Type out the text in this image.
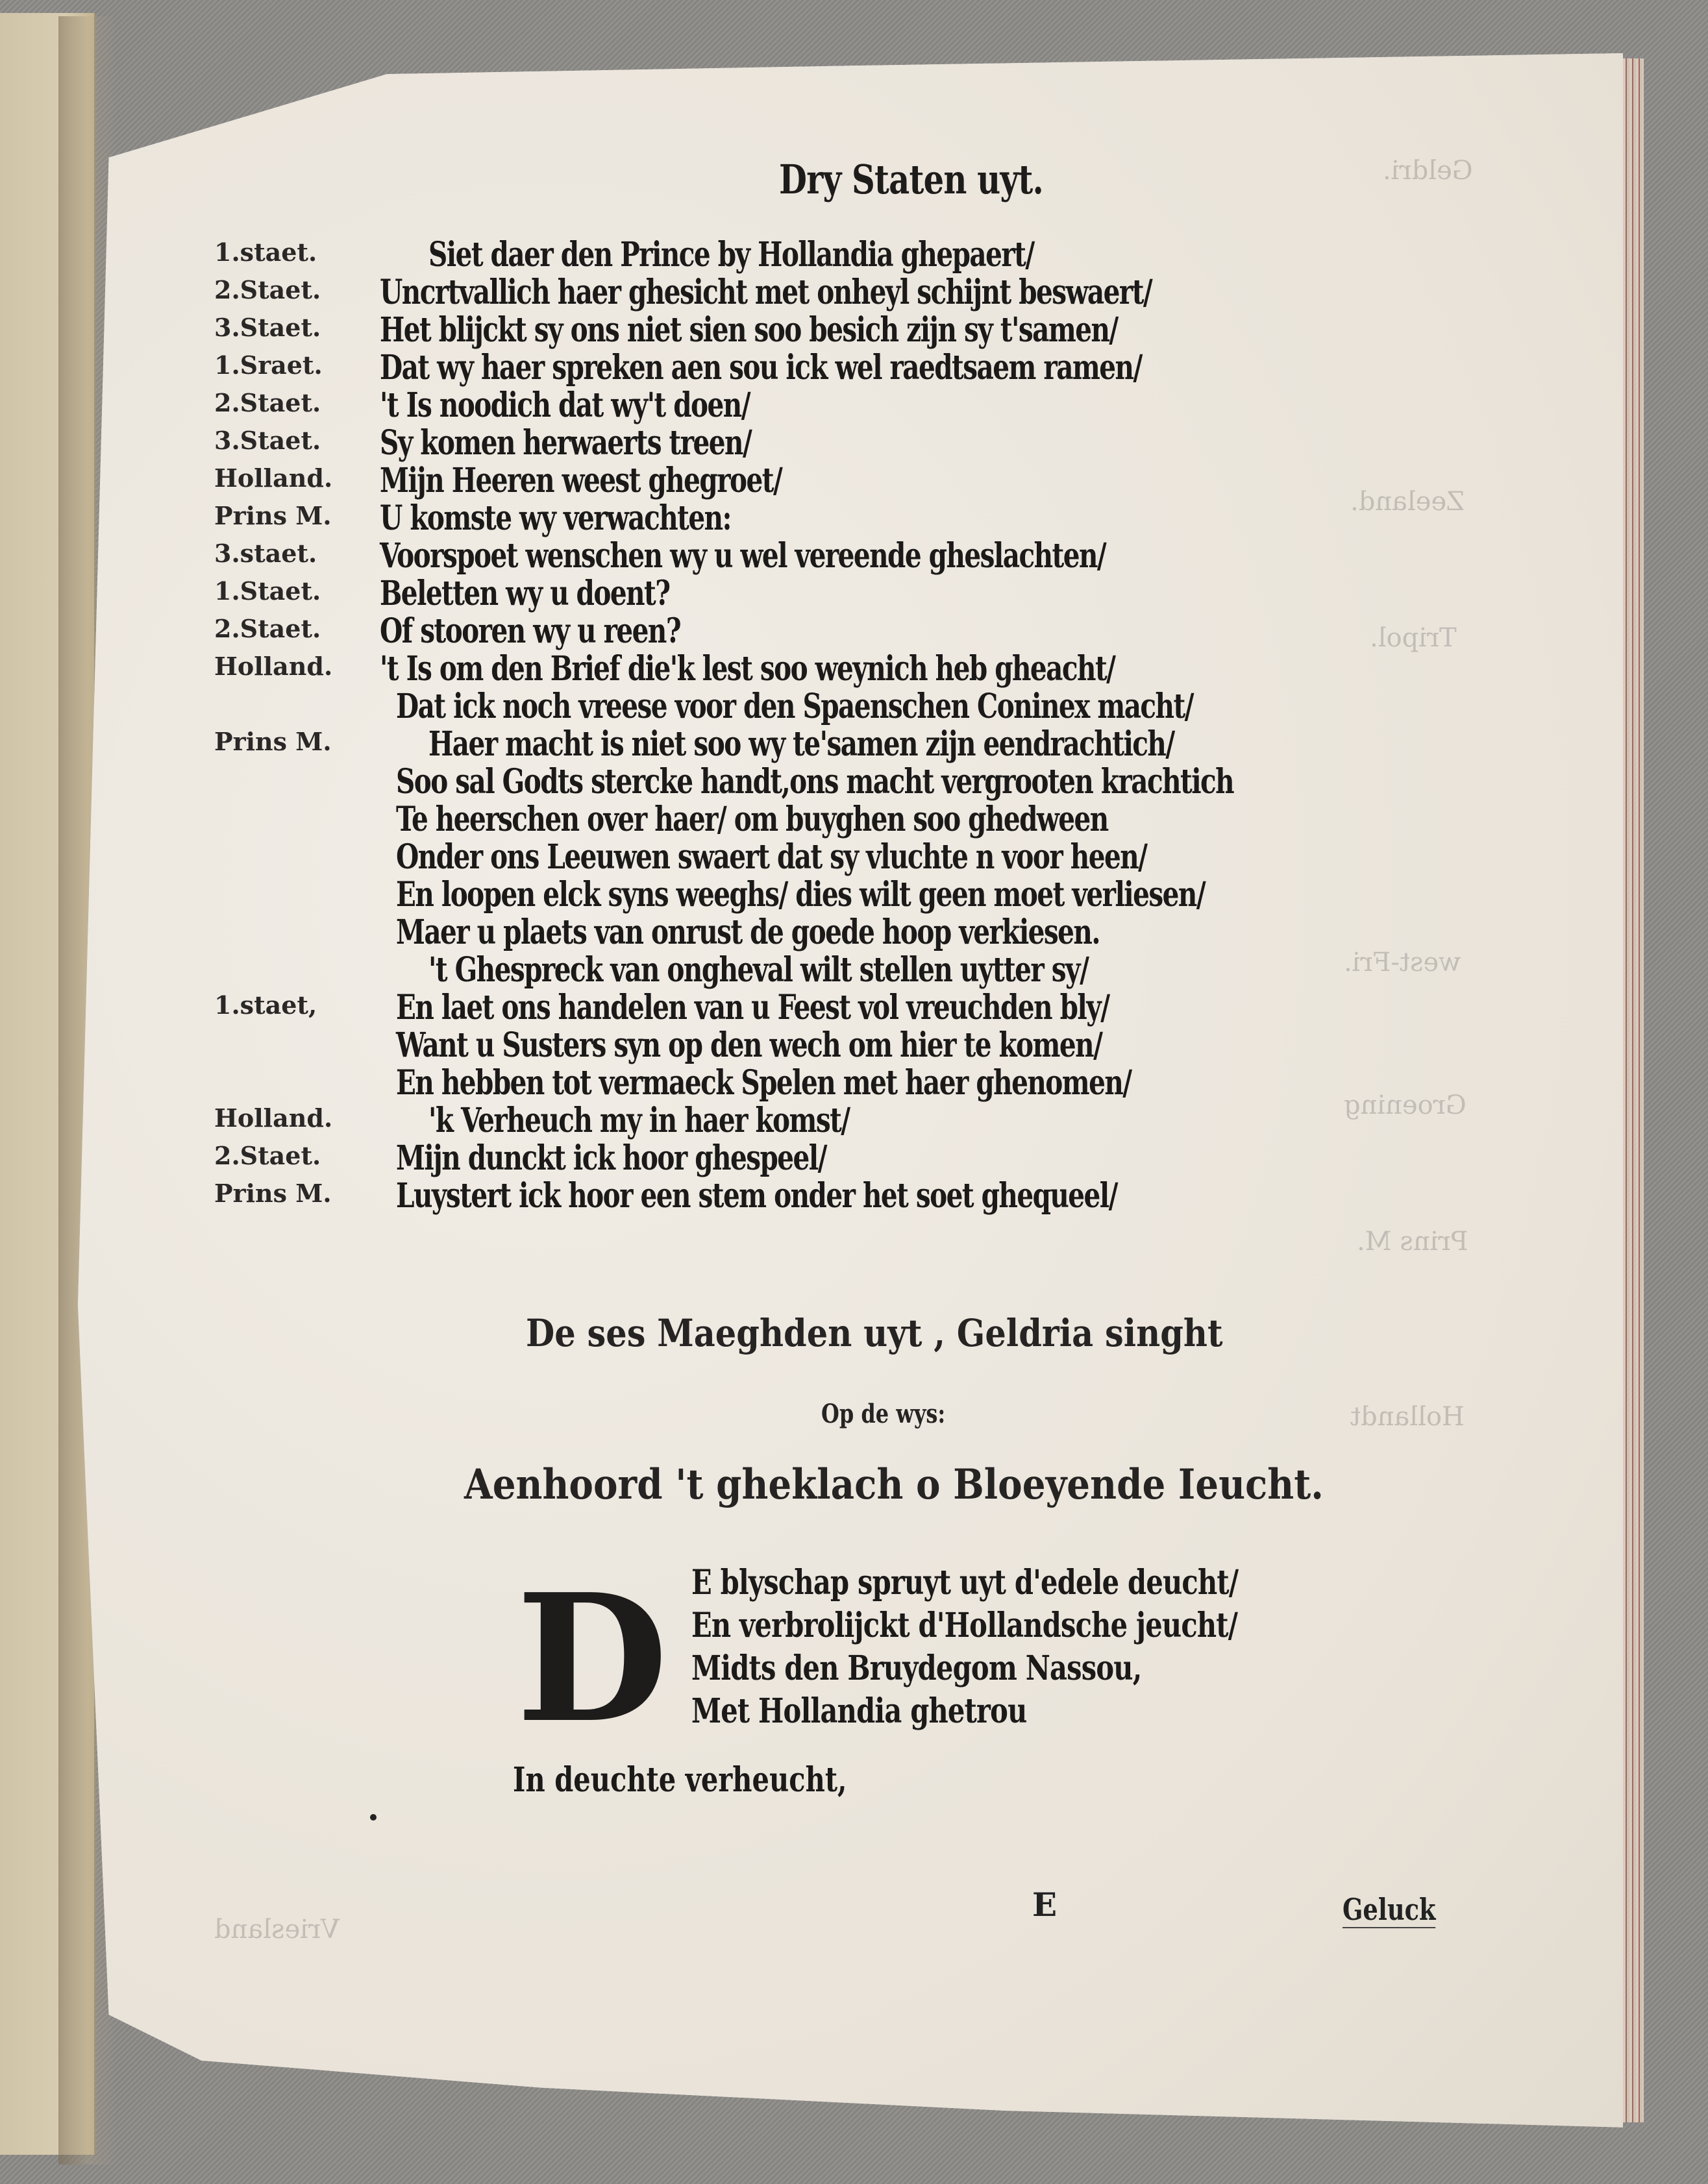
Geldri.
Zeeland.
Tripol.
west-Fri.
Groening
Prins M.
Hollandt
Vriesland
Dry Staten uyt.
1.staet.	Siet daer den Prince by Hollandia ghepaert/
2.Staet. Uncrtvallich haer ghesicht met onheyl schijnt beswaert/
3.Staet. Het blijckt sy ons niet sien soo besich zijn sy t'samen/
1.Sraet. Dat wy haer spreken aen sou ick wel raedtsaem ramen/
2.Staet. 't Is noodich dat wy't doen/
3.Staet. Sy komen herwaerts treen/
Holland. Mijn Heeren weest ghegroet/
Prins M. U komste wy verwachten:
3.staet. Voorspoet wenschen wy u wel vereende gheslachten/
1.Staet. Beletten wy u doent?
2.Staet. Of stooren wy u reen?
Holland. 't Is om den Brief die'k lest soo weynich heb gheacht/
Dat ick noch vreese voor den Spaenschen Coninex macht/
Prins M.	Haer macht is niet soo wy te'samen zijn eendrachtich/
Soo sal Godts stercke handt,ons macht vergrooten krachtich
Te heerschen over haer/ om buyghen soo ghedween
Onder ons Leeuwen swaert dat sy vluchte n voor heen/
En loopen elck syns weeghs/ dies wilt geen moet verliesen/
Maer u plaets van onrust de goede hoop verkiesen.
't Ghespreck van ongheval wilt stellen uytter sy/
1.staet, En laet ons handelen van u Feest vol vreuchden bly/
Want u Susters syn op den wech om hier te komen/
En hebben tot vermaeck Spelen met haer ghenomen/
Holland.	'k Verheuch my in haer komst/
2.Staet. Mijn dunckt ick hoor ghespeel/
Prins M. Luystert ick hoor een stem onder het soet ghequeel/
De ses Maeghden uyt , Geldria singht
Op de wys:
Aenhoord 't gheklach o Bloeyende Ieucht.
D E blyschap spruyt uyt d'edele deucht/
En verbrolijckt d'Hollandsche jeucht/
Midts den Bruydegom Nassou,
Met Hollandia ghetrou
In deuchte verheucht,
E	Geluck
